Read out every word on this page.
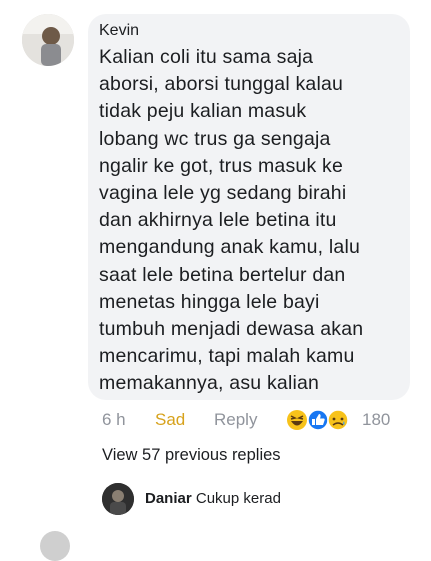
Kevin
Kalian coli itu sama saja
aborsi, aborsi tunggal kalau
tidak peju kalian masuk
lobang wc trus ga sengaja
ngalir ke got, trus masuk ke
vagina lele yg sedang birahi
dan akhirnya lele betina itu
mengandung anak kamu, lalu
saat lele betina bertelur dan
menetas hingga lele bayi
tumbuh menjadi dewasa akan
mencarimu, tapi malah kamu
memakannya, asu kalian
6 h Sad Reply	180
View 57 previous replies
Daniar Cukup kerad
